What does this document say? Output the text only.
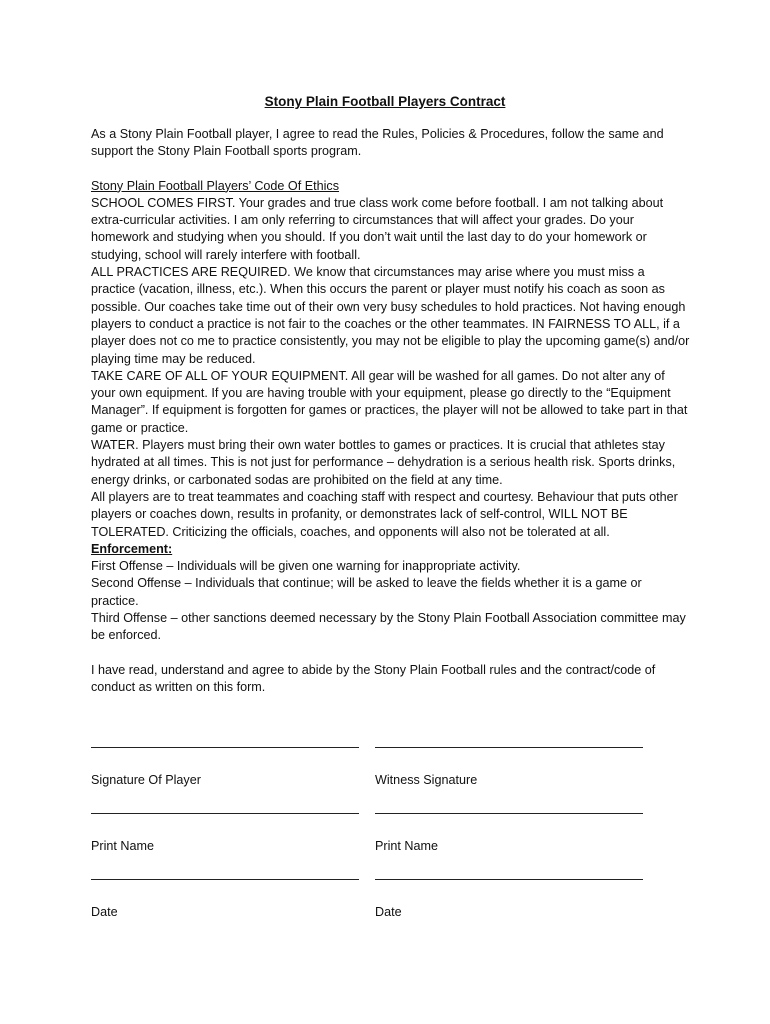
Stony Plain Football Players Contract

As a Stony Plain Football player, I agree to read the Rules, Policies & Procedures, follow the same and support the Stony Plain Football sports program.

Stony Plain Football Players’ Code Of Ethics

SCHOOL COMES FIRST. Your grades and true class work come before football. I am not talking about extra-curricular activities. I am only referring to circumstances that will affect your grades. Do your homework and studying when you should. If you don’t wait until the last day to do your homework or studying, school will rarely interfere with football.

ALL PRACTICES ARE REQUIRED. We know that circumstances may arise where you must miss a practice (vacation, illness, etc.). When this occurs the parent or player must notify his coach as soon as possible. Our coaches take time out of their own very busy schedules to hold practices. Not having enough players to conduct a practice is not fair to the coaches or the other teammates. IN FAIRNESS TO ALL, if a player does not co me to practice consistently, you may not be eligible to play the upcoming game(s) and/or playing time may be reduced.

TAKE CARE OF ALL OF YOUR EQUIPMENT. All gear will be washed for all games. Do not alter any of your own equipment. If you are having trouble with your equipment, please go directly to the “Equipment Manager”. If equipment is forgotten for games or practices, the player will not be allowed to take part in that game or practice.

WATER. Players must bring their own water bottles to games or practices. It is crucial that athletes stay hydrated at all times. This is not just for performance – dehydration is a serious health risk. Sports drinks, energy drinks, or carbonated sodas are prohibited on the field at any time.

All players are to treat teammates and coaching staff with respect and courtesy. Behaviour that puts other players or coaches down, results in profanity, or demonstrates lack of self-control, WILL NOT BE TOLERATED. Criticizing the officials, coaches, and opponents will also not be tolerated at all.

Enforcement:

First Offense – Individuals will be given one warning for inappropriate activity.

Second Offense – Individuals that continue; will be asked to leave the fields whether it is a game or practice.

Third Offense – other sanctions deemed necessary by the Stony Plain Football Association committee may be enforced.

I have read, understand and agree to abide by the Stony Plain Football rules and the contract/code of conduct as written on this form.

Signature Of Player	Witness Signature
Print Name	Print Name
Date	Date
